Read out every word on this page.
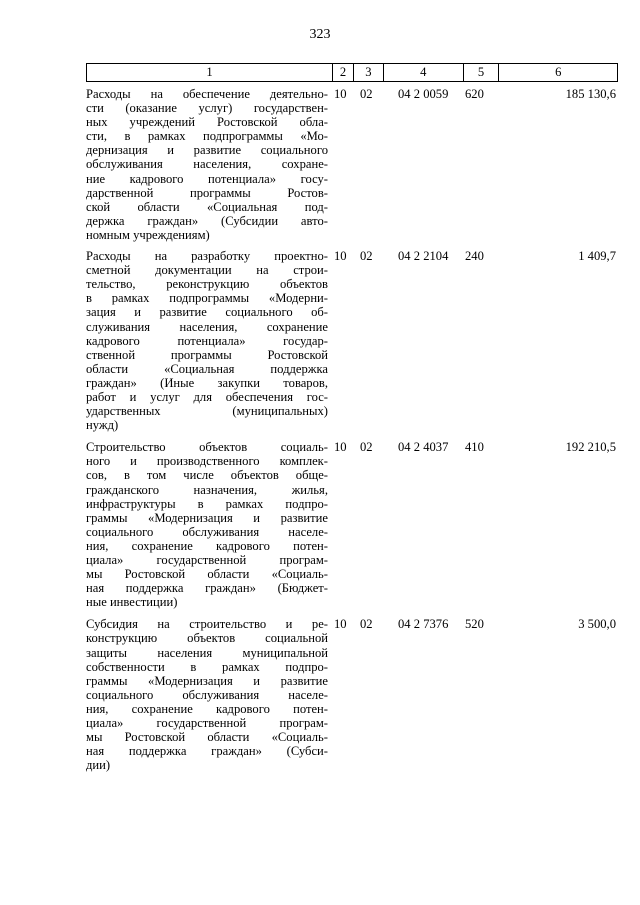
323
1	2	3	4	5	6
Расходы на обеспечение деятельно-
сти (оказание услуг) государствен-
ных учреждений Ростовской обла-
сти, в рамках подпрограммы «Мо-
дернизация и развитие социального
обслуживания населения, сохране-
ние кадрового потенциала» госу-
дарственной программы Ростов-
ской области «Социальная под-
держка граждан» (Субсидии авто-
номным учреждениям)
10	02	04 2 0059	620	185 130,6
Расходы на разработку проектно-
сметной документации на строи-
тельство, реконструкцию объектов
в рамках подпрограммы «Модерни-
зация и развитие социального об-
служивания населения, сохранение
кадрового потенциала» государ-
ственной программы Ростовской
области «Социальная поддержка
граждан» (Иные закупки товаров,
работ и услуг для обеспечения гос-
ударственных (муниципальных)
нужд)
10	02	04 2 2104	240	1 409,7
Строительство объектов социаль-
ного и производственного комплек-
сов, в том числе объектов обще-
гражданского назначения, жилья,
инфраструктуры в рамках подпро-
граммы «Модернизация и развитие
социального обслуживания населе-
ния, сохранение кадрового потен-
циала» государственной програм-
мы Ростовской области «Социаль-
ная поддержка граждан» (Бюджет-
ные инвестиции)
10	02	04 2 4037	410	192 210,5
Субсидия на строительство и ре-
конструкцию объектов социальной
защиты населения муниципальной
собственности в рамках подпро-
граммы «Модернизация и развитие
социального обслуживания населе-
ния, сохранение кадрового потен-
циала» государственной програм-
мы Ростовской области «Социаль-
ная поддержка граждан» (Субси-
дии)
10	02	04 2 7376	520	3 500,0
